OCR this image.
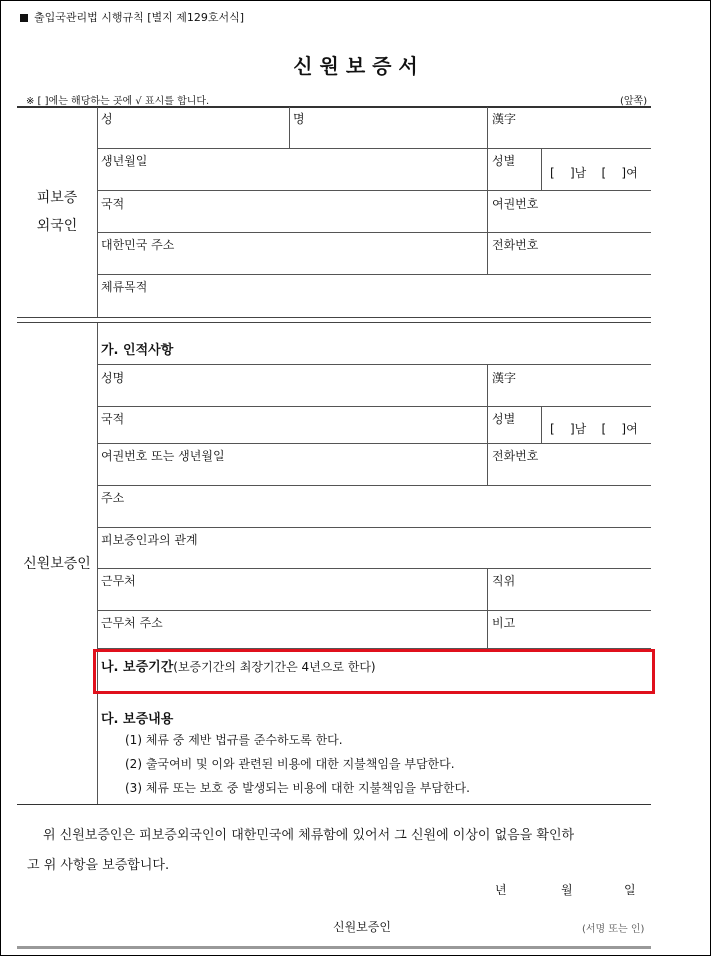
출입국관리법 시행규칙 [별지 제129호서식]
신 원 보 증 서
※ [ ]에는 해당하는 곳에 √ 표시를 합니다.	(앞쪽)
피보증
외국인
성	명	漢字
생년월일	성별
[    ]남    [    ]여
국적	여권번호
대한민국 주소	전화번호
체류목적
신원보증인
가. 인적사항
성명	漢字
국적	성별
[    ]남    [    ]여
여권번호 또는 생년월일	전화번호
주소
피보증인과의 관계
근무처	직위
근무처 주소	비고
나. 보증기간(보증기간의 최장기간은 4년으로 한다)
다. 보증내용
(1) 체류 중 제반 법규를 준수하도록 한다.
(2) 출국여비 및 이와 관련된 비용에 대한 지불책임을 부담한다.
(3) 체류 또는 보호 중 발생되는 비용에 대한 지불책임을 부담한다.
위 신원보증인은 피보증외국인이 대한민국에 체류함에 있어서 그 신원에 이상이 없음을 확인하
고 위 사항을 보증합니다.
년	월	일
신원보증인	(서명 또는 인)
